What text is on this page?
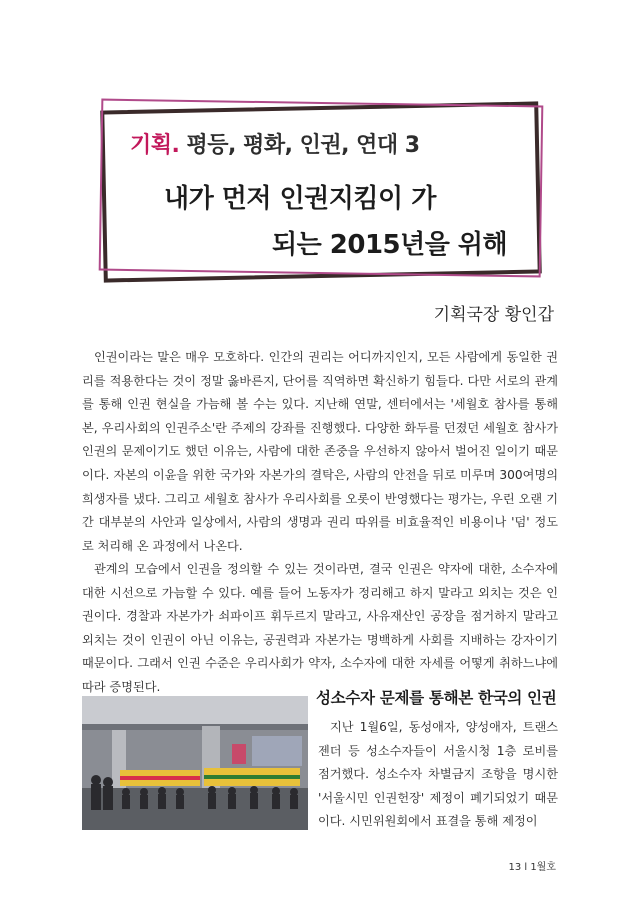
기획. 평등, 평화, 인권, 연대 3
내가 먼저 인권지킴이 가
되는 2015년을 위해
기획국장 황인갑

인권이라는 말은 매우 모호하다. 인간의 권리는 어디까지인지, 모든 사람에게 동일한 권리를 적용한다는 것이 정말 옳바른지, 단어를 직역하면 확신하기 힘들다. 다만 서로의 관계를 통해 인권 현실을 가늠해 볼 수는 있다. 지난해 연말, 센터에서는 '세월호 참사를 통해 본, 우리사회의 인권주소'란 주제의 강좌를 진행했다. 다양한 화두를 던졌던 세월호 참사가 인권의 문제이기도 했던 이유는, 사람에 대한 존중을 우선하지 않아서 벌어진 일이기 때문이다. 자본의 이윤을 위한 국가와 자본가의 결탁은, 사람의 안전을 뒤로 미루며 300여명의 희생자를 냈다. 그리고 세월호 참사가 우리사회를 오롯이 반영했다는 평가는, 우린 오랜 기간 대부분의 사안과 일상에서, 사람의 생명과 권리 따위를 비효율적인 비용이나 '덤' 정도로 처리해 온 과정에서 나온다.

관계의 모습에서 인권을 정의할 수 있는 것이라면, 결국 인권은 약자에 대한, 소수자에 대한 시선으로 가늠할 수 있다. 예를 들어 노동자가 정리해고 하지 말라고 외치는 것은 인권이다. 경찰과 자본가가 쇠파이프 휘두르지 말라고, 사유재산인 공장을 점거하지 말라고 외치는 것이 인권이 아닌 이유는, 공권력과 자본가는 명백하게 사회를 지배하는 강자이기 때문이다. 그래서 인권 수준은 우리사회가 약자, 소수자에 대한 자세를 어떻게 취하느냐에 따라 증명된다.

성소수자 문제를 통해본 한국의 인권

지난 1월6일, 동성애자, 양성애자, 트랜스젠더 등 성소수자들이 서울시청 1층 로비를 점거했다. 성소수자 차별금지 조항을 명시한 '서울시민 인권헌장' 제정이 폐기되었기 때문이다. 시민위원회에서 표결을 통해 제정이

13 l 1월호
